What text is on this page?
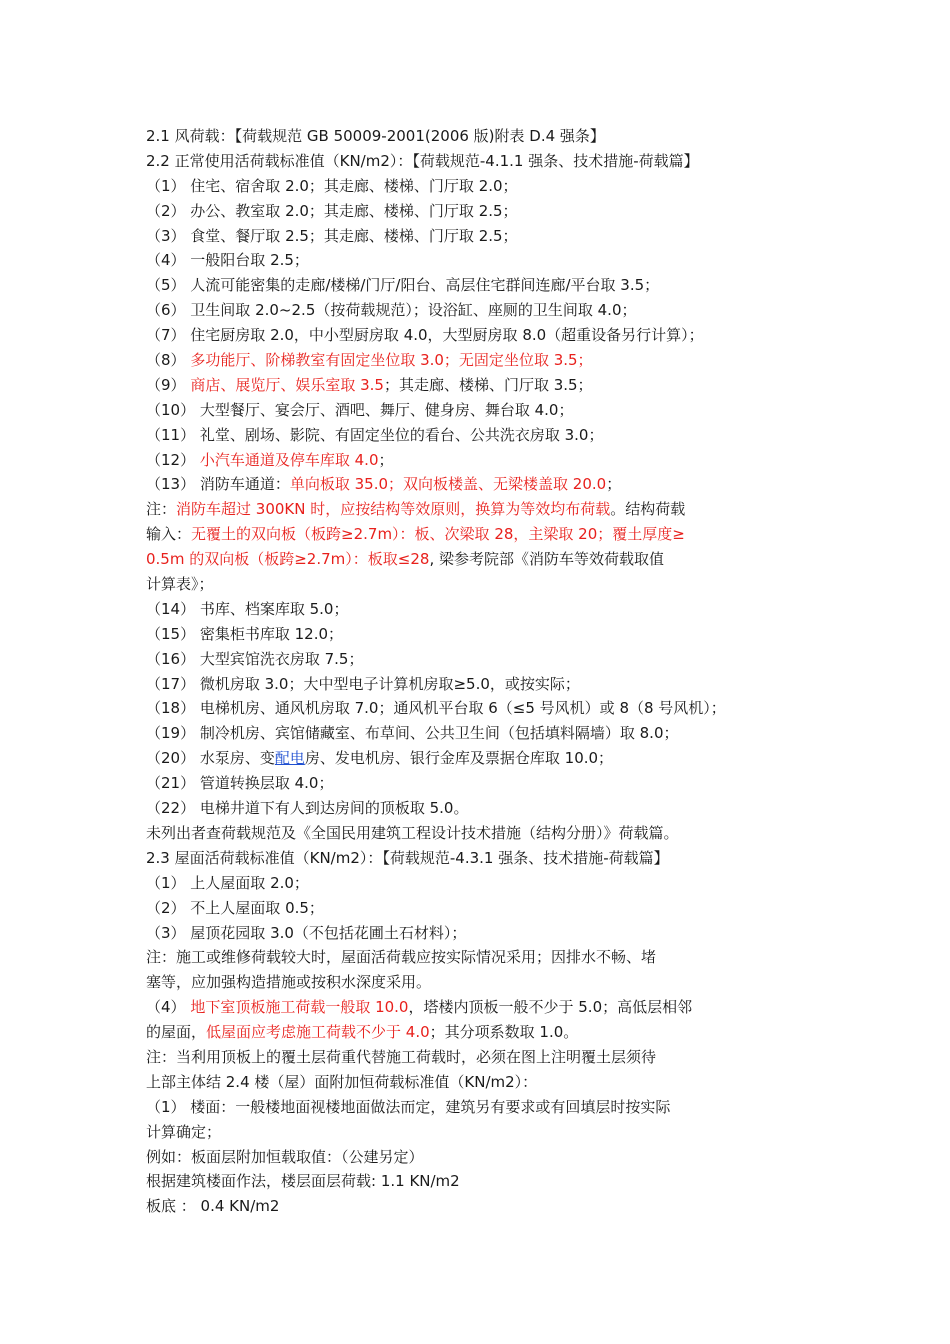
2.1 风荷载：【荷载规范 GB 50009-2001(2006 版)附表 D.4 强条】
2.2 正常使用活荷载标准值（KN/m2）：【荷载规范-4.1.1 强条、技术措施-荷载篇】
（1） 住宅、宿舍取 2.0；其走廊、楼梯、门厅取 2.0；
（2） 办公、教室取 2.0；其走廊、楼梯、门厅取 2.5；
（3） 食堂、餐厅取 2.5；其走廊、楼梯、门厅取 2.5；
（4） 一般阳台取 2.5；
（5） 人流可能密集的走廊/楼梯/门厅/阳台、高层住宅群间连廊/平台取 3.5；
（6） 卫生间取 2.0~2.5（按荷载规范）；设浴缸、座厕的卫生间取 4.0；
（7） 住宅厨房取 2.0，中小型厨房取 4.0，大型厨房取 8.0（超重设备另行计算）；
（8） 多功能厅、阶梯教室有固定坐位取 3.0；无固定坐位取 3.5；
（9） 商店、展览厅、娱乐室取 3.5；其走廊、楼梯、门厅取 3.5；
（10） 大型餐厅、宴会厅、酒吧、舞厅、健身房、舞台取 4.0；
（11） 礼堂、剧场、影院、有固定坐位的看台、公共洗衣房取 3.0；
（12） 小汽车通道及停车库取 4.0；
（13） 消防车通道：单向板取 35.0；双向板楼盖、无梁楼盖取 20.0；
注：消防车超过 300KN 时，应按结构等效原则，换算为等效均布荷载。结构荷载
输入：无覆土的双向板（板跨≥2.7m）：板、次梁取 28，主梁取 20；覆土厚度≥
0.5m 的双向板（板跨≥2.7m）：板取≤28, 梁参考院部《消防车等效荷载取值
计算表》；
（14） 书库、档案库取 5.0；
（15） 密集柜书库取 12.0；
（16） 大型宾馆洗衣房取 7.5；
（17） 微机房取 3.0；大中型电子计算机房取≥5.0，或按实际；
（18） 电梯机房、通风机房取 7.0；通风机平台取 6（≤5 号风机）或 8（8 号风机）；
（19） 制冷机房、宾馆储藏室、布草间、公共卫生间（包括填料隔墙）取 8.0；
（20） 水泵房、变配电房、发电机房、银行金库及票据仓库取 10.0；
（21） 管道转换层取 4.0；
（22） 电梯井道下有人到达房间的顶板取 5.0。
未列出者查荷载规范及《全国民用建筑工程设计技术措施（结构分册）》荷载篇。
2.3 屋面活荷载标准值（KN/m2）：【荷载规范-4.3.1 强条、技术措施-荷载篇】
（1） 上人屋面取 2.0；
（2） 不上人屋面取 0.5；
（3） 屋顶花园取 3.0（不包括花圃土石材料）；
注：施工或维修荷载较大时，屋面活荷载应按实际情况采用；因排水不畅、堵
塞等，应加强构造措施或按积水深度采用。
（4） 地下室顶板施工荷载一般取 10.0，塔楼内顶板一般不少于 5.0；高低层相邻
的屋面，低屋面应考虑施工荷载不少于 4.0；其分项系数取 1.0。
注：当利用顶板上的覆土层荷重代替施工荷载时，必须在图上注明覆土层须待
上部主体结 2.4 楼（屋）面附加恒荷载标准值（KN/m2）：
（1） 楼面：一般楼地面视楼地面做法而定，建筑另有要求或有回填层时按实际
计算确定；
例如：板面层附加恒载取值：（公建另定）
根据建筑楼面作法，楼层面层荷载: 1.1 KN/m2
板底 ： 0.4 KN/m2
